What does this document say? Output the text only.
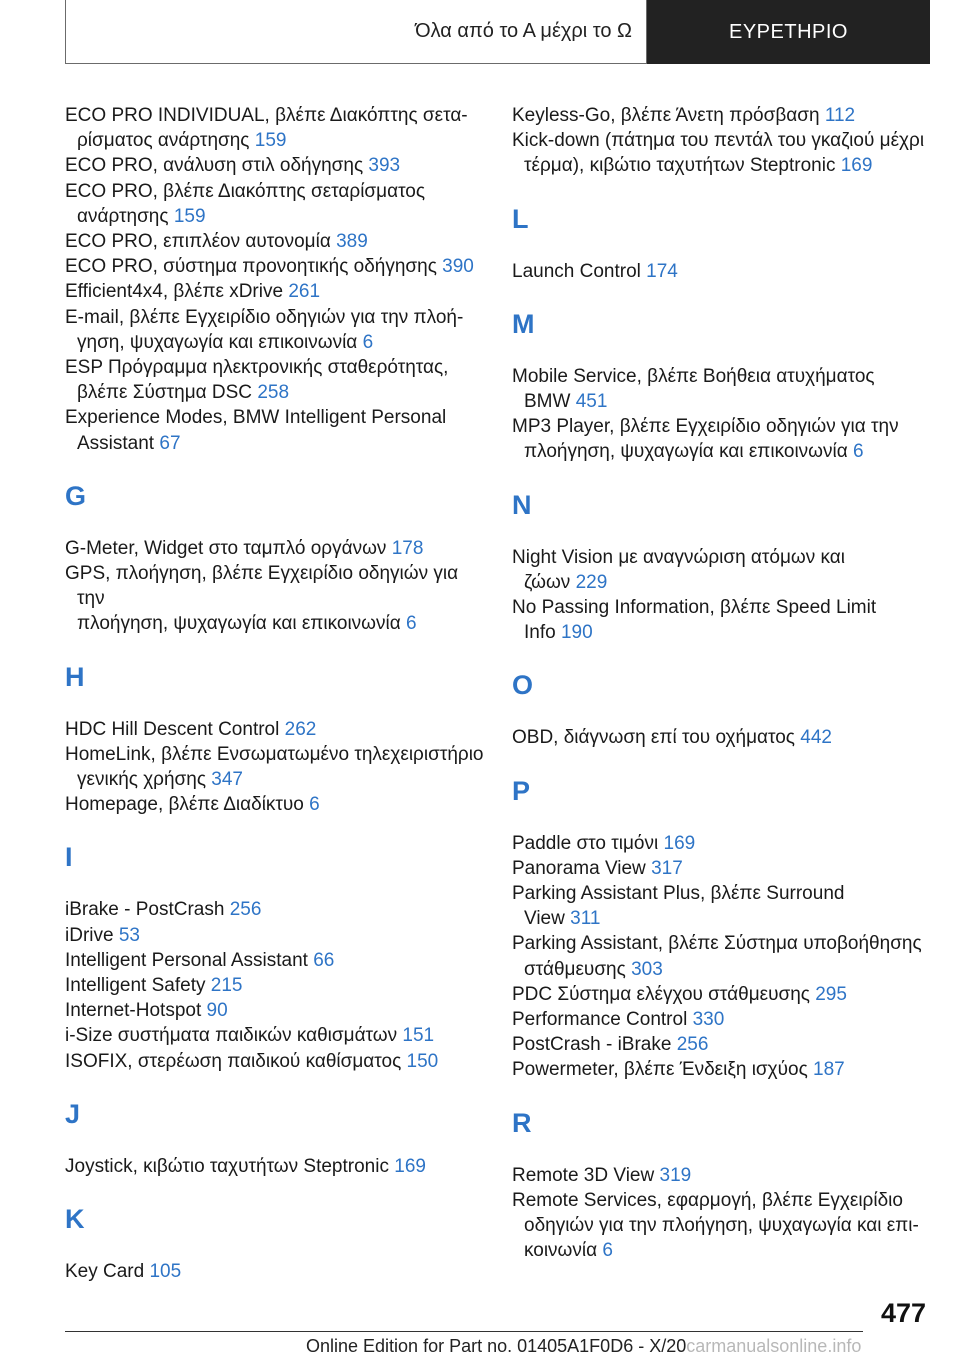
Όλα από το Α μέχρι το Ω	ΕΥΡΕΤΗΡΙΟ

ECO PRO INDIVIDUAL, βλέπε Διακόπτης σετα‐
ρίσματος ανάρτησης 159

ECO PRO, ανάλυση στιλ οδήγησης 393

ECO PRO, βλέπε Διακόπτης σεταρίσματος
ανάρτησης 159

ECO PRO, επιπλέον αυτονομία 389

ECO PRO, σύστημα προνοητικής οδήγησης 390

Efficient4x4, βλέπε xDrive 261

E-mail, βλέπε Εγχειρίδιο οδηγιών για την πλοή‐
γηση, ψυχαγωγία και επικοινωνία 6

ESP Πρόγραμμα ηλεκτρονικής σταθερότητας,
βλέπε Σύστημα DSC 258

Experience Modes, BMW Intelligent Personal
Assistant 67

G

G-Meter, Widget στο ταμπλό οργάνων 178

GPS, πλοήγηση, βλέπε Εγχειρίδιο οδηγιών για την
πλοήγηση, ψυχαγωγία και επικοινωνία 6

H

HDC Hill Descent Control 262

HomeLink, βλέπε Ενσωματωμένο τηλεχειριστήριο
γενικής χρήσης 347

Homepage, βλέπε Διαδίκτυο 6

I

iBrake - PostCrash 256

iDrive 53

Intelligent Personal Assistant 66

Intelligent Safety 215

Internet-Hotspot 90

i-Size συστήματα παιδικών καθισμάτων 151

ISOFIX, στερέωση παιδικού καθίσματος 150

J

Joystick, κιβώτιο ταχυτήτων Steptronic 169

K

Key Card 105

Keyless-Go, βλέπε Άνετη πρόσβαση 112

Kick-down (πάτημα του πεντάλ του γκαζιού μέχρι
τέρμα), κιβώτιο ταχυτήτων Steptronic 169

L

Launch Control 174

M

Mobile Service, βλέπε Βοήθεια ατυχήματος
BMW 451

MP3 Player, βλέπε Εγχειρίδιο οδηγιών για την
πλοήγηση, ψυχαγωγία και επικοινωνία 6

N

Night Vision με αναγνώριση ατόμων και
ζώων 229

No Passing Information, βλέπε Speed Limit
Info 190

O

OBD, διάγνωση επί του οχήματος 442

P

Paddle στο τιμόνι 169

Panorama View 317

Parking Assistant Plus, βλέπε Surround
View 311

Parking Assistant, βλέπε Σύστημα υποβοήθησης
στάθμευσης 303

PDC Σύστημα ελέγχου στάθμευσης 295

Performance Control 330

PostCrash - iBrake 256

Powermeter, βλέπε Ένδειξη ισχύος 187

R

Remote 3D View 319

Remote Services, εφαρμογή, βλέπε Εγχειρίδιο
οδηγιών για την πλοήγηση, ψυχαγωγία και επι‐
κοινωνία 6

477
Online Edition for Part no. 01405A1F0D6 - X/20carmanualsonline.info
